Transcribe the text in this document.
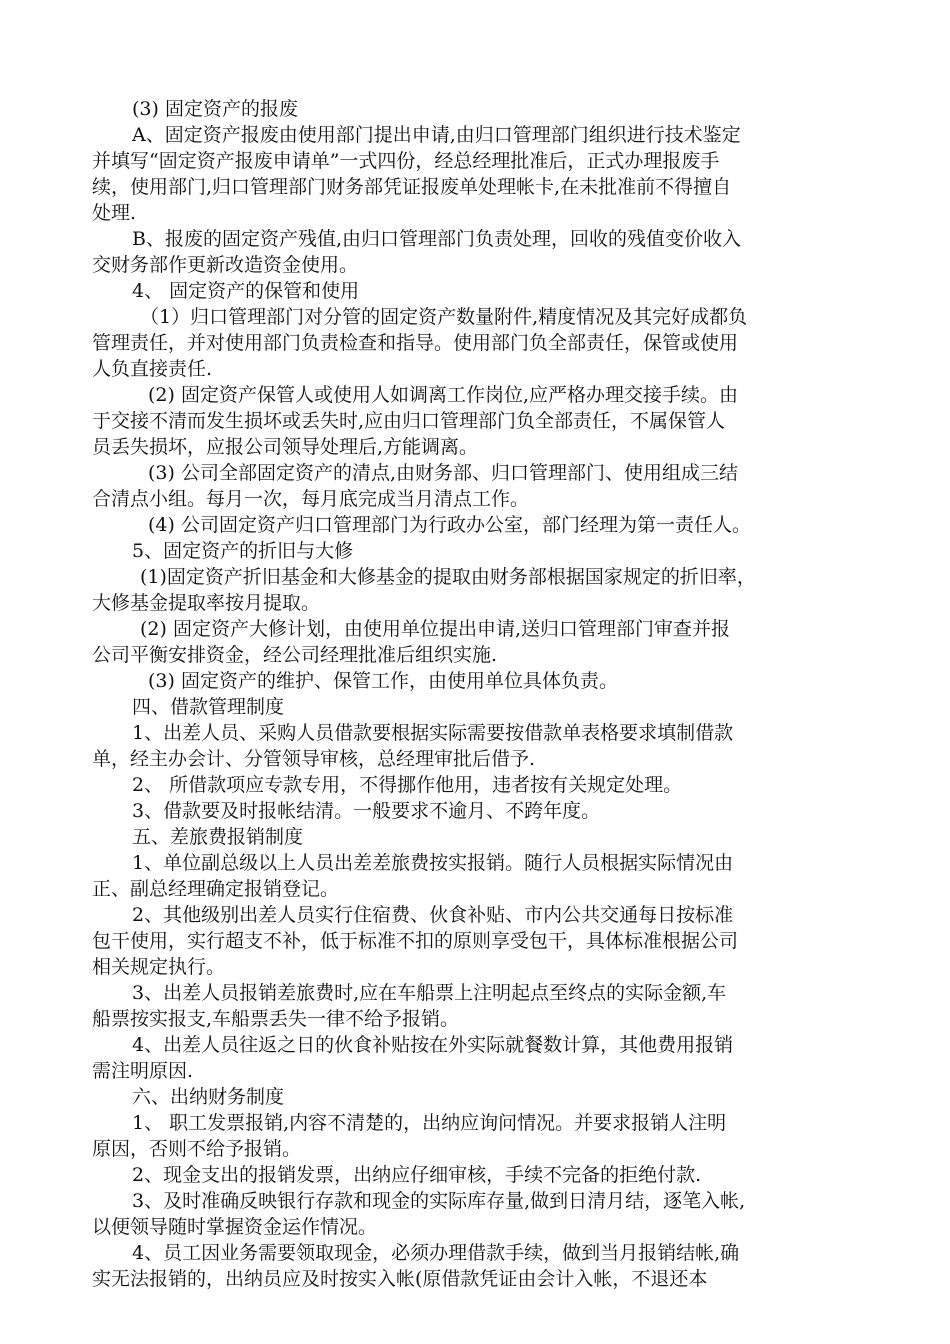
(3) 固定资产的报废

A、固定资产报废由使用部门提出申请,由归口管理部门组织进行技术鉴定

并填写“固定资产报废申请单”一式四份，经总经理批准后，正式办理报废手

续，使用部门,归口管理部门财务部凭证报废单处理帐卡,在未批准前不得擅自

处理.

B、报废的固定资产残值,由归口管理部门负责处理，回收的残值变价收入

交财务部作更新改造资金使用。

4、 固定资产的保管和使用

（1）归口管理部门对分管的固定资产数量附件,精度情况及其完好成都负

管理责任，并对使用部门负责检查和指导。使用部门负全部责任，保管或使用

人负直接责任.

(2) 固定资产保管人或使用人如调离工作岗位,应严格办理交接手续。由

于交接不清而发生损坏或丢失时,应由归口管理部门负全部责任，不属保管人

员丢失损坏，应报公司领导处理后,方能调离。

(3) 公司全部固定资产的清点,由财务部、归口管理部门、使用组成三结

合清点小组。每月一次，每月底完成当月清点工作。

(4) 公司固定资产归口管理部门为行政办公室，部门经理为第一责任人。

5、固定资产的折旧与大修

(1)固定资产折旧基金和大修基金的提取由财务部根据国家规定的折旧率，

大修基金提取率按月提取。

(2) 固定资产大修计划，由使用单位提出申请,送归口管理部门审查并报

公司平衡安排资金，经公司经理批准后组织实施.

(3) 固定资产的维护、保管工作，由使用单位具体负责。

四、借款管理制度

1、出差人员、采购人员借款要根据实际需要按借款单表格要求填制借款

单，经主办会计、分管领导审核，总经理审批后借予.

2、 所借款项应专款专用，不得挪作他用，违者按有关规定处理。

3、借款要及时报帐结清。一般要求不逾月、不跨年度。

五、差旅费报销制度

1、单位副总级以上人员出差差旅费按实报销。随行人员根据实际情况由

正、副总经理确定报销登记。

2、其他级别出差人员实行住宿费、伙食补贴、市内公共交通每日按标准

包干使用，实行超支不补，低于标准不扣的原则享受包干，具体标准根据公司

相关规定执行。

3、出差人员报销差旅费时,应在车船票上注明起点至终点的实际金额,车

船票按实报支,车船票丢失一律不给予报销。

4、出差人员往返之日的伙食补贴按在外实际就餐数计算，其他费用报销

需注明原因.

六、出纳财务制度

1、 职工发票报销,内容不清楚的，出纳应询问情况。并要求报销人注明

原因，否则不给予报销。

2、现金支出的报销发票，出纳应仔细审核，手续不完备的拒绝付款.

3、及时准确反映银行存款和现金的实际库存量,做到日清月结，逐笔入帐,

以便领导随时掌握资金运作情况。

4、员工因业务需要领取现金，必须办理借款手续，做到当月报销结帐,确

实无法报销的，出纳员应及时按实入帐(原借款凭证由会计入帐，不退还本
